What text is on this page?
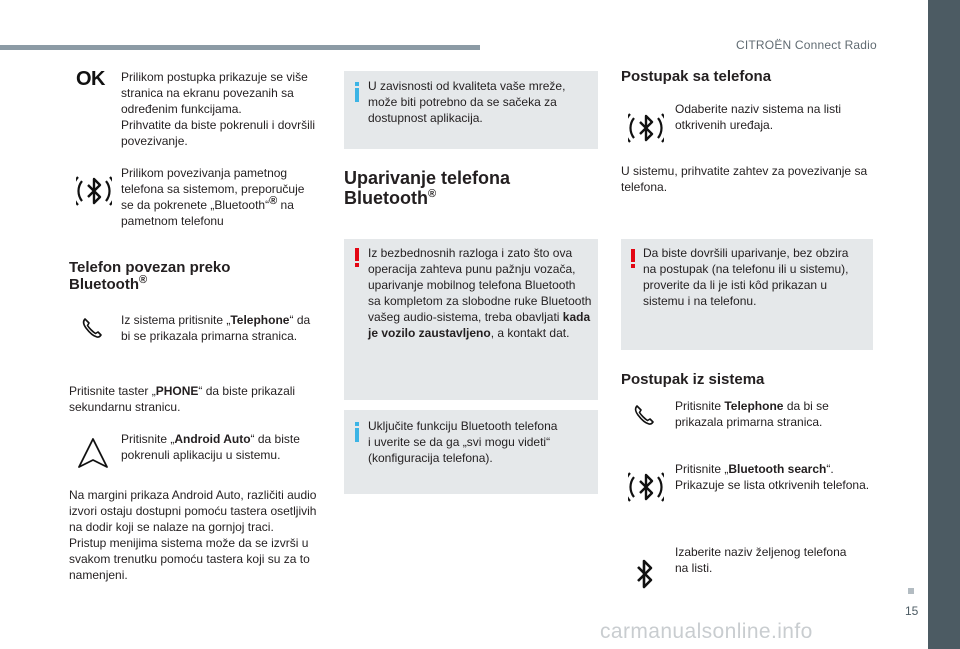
CITROËN Connect Radio
15
carmanualsonline.info
OK Prilikom postupka prikazuje se više
stranica na ekranu povezanih sa
određenim funkcijama.
Prihvatite da biste pokrenuli i dovršili
povezivanje.
Prilikom povezivanja pametnog
telefona sa sistemom, preporučuje
se da pokrenete „Bluetooth“® na
pametnom telefonu
Telefon povezan preko
Bluetooth®
Iz sistema pritisnite „Telephone“ da
bi se prikazala primarna stranica.
Pritisnite taster „PHONE“ da biste prikazali
sekundarnu stranicu.
Pritisnite „Android Auto“ da biste
pokrenuli aplikaciju u sistemu.
Na margini prikaza Android Auto, različiti audio
izvori ostaju dostupni pomoću tastera osetljivih
na dodir koji se nalaze na gornjoj traci.
Pristup menijima sistema može da se izvrši u
svakom trenutku pomoću tastera koji su za to
namenjeni.
U zavisnosti od kvaliteta vaše mreže,
može biti potrebno da se sačeka za
dostupnost aplikacija.
Uparivanje telefona
Bluetooth®
Iz bezbednosnih razloga i zato što ova
operacija zahteva punu pažnju vozača,
uparivanje mobilnog telefona Bluetooth
sa kompletom za slobodne ruke Bluetooth
vašeg audio-sistema, treba obavljati kada
je vozilo zaustavljeno, a kontakt dat.
Uključite funkciju Bluetooth telefona
i uverite se da ga „svi mogu videti“
(konfiguracija telefona).
Postupak sa telefona
Odaberite naziv sistema na listi
otkrivenih uređaja.
U sistemu, prihvatite zahtev za povezivanje sa
telefona.
Da biste dovršili uparivanje, bez obzira
na postupak (na telefonu ili u sistemu),
proverite da li je isti kôd prikazan u
sistemu i na telefonu.
Postupak iz sistema
Pritisnite Telephone da bi se
prikazala primarna stranica.
Pritisnite „Bluetooth search“.
Prikazuje se lista otkrivenih telefona.
Izaberite naziv željenog telefona
na listi.
